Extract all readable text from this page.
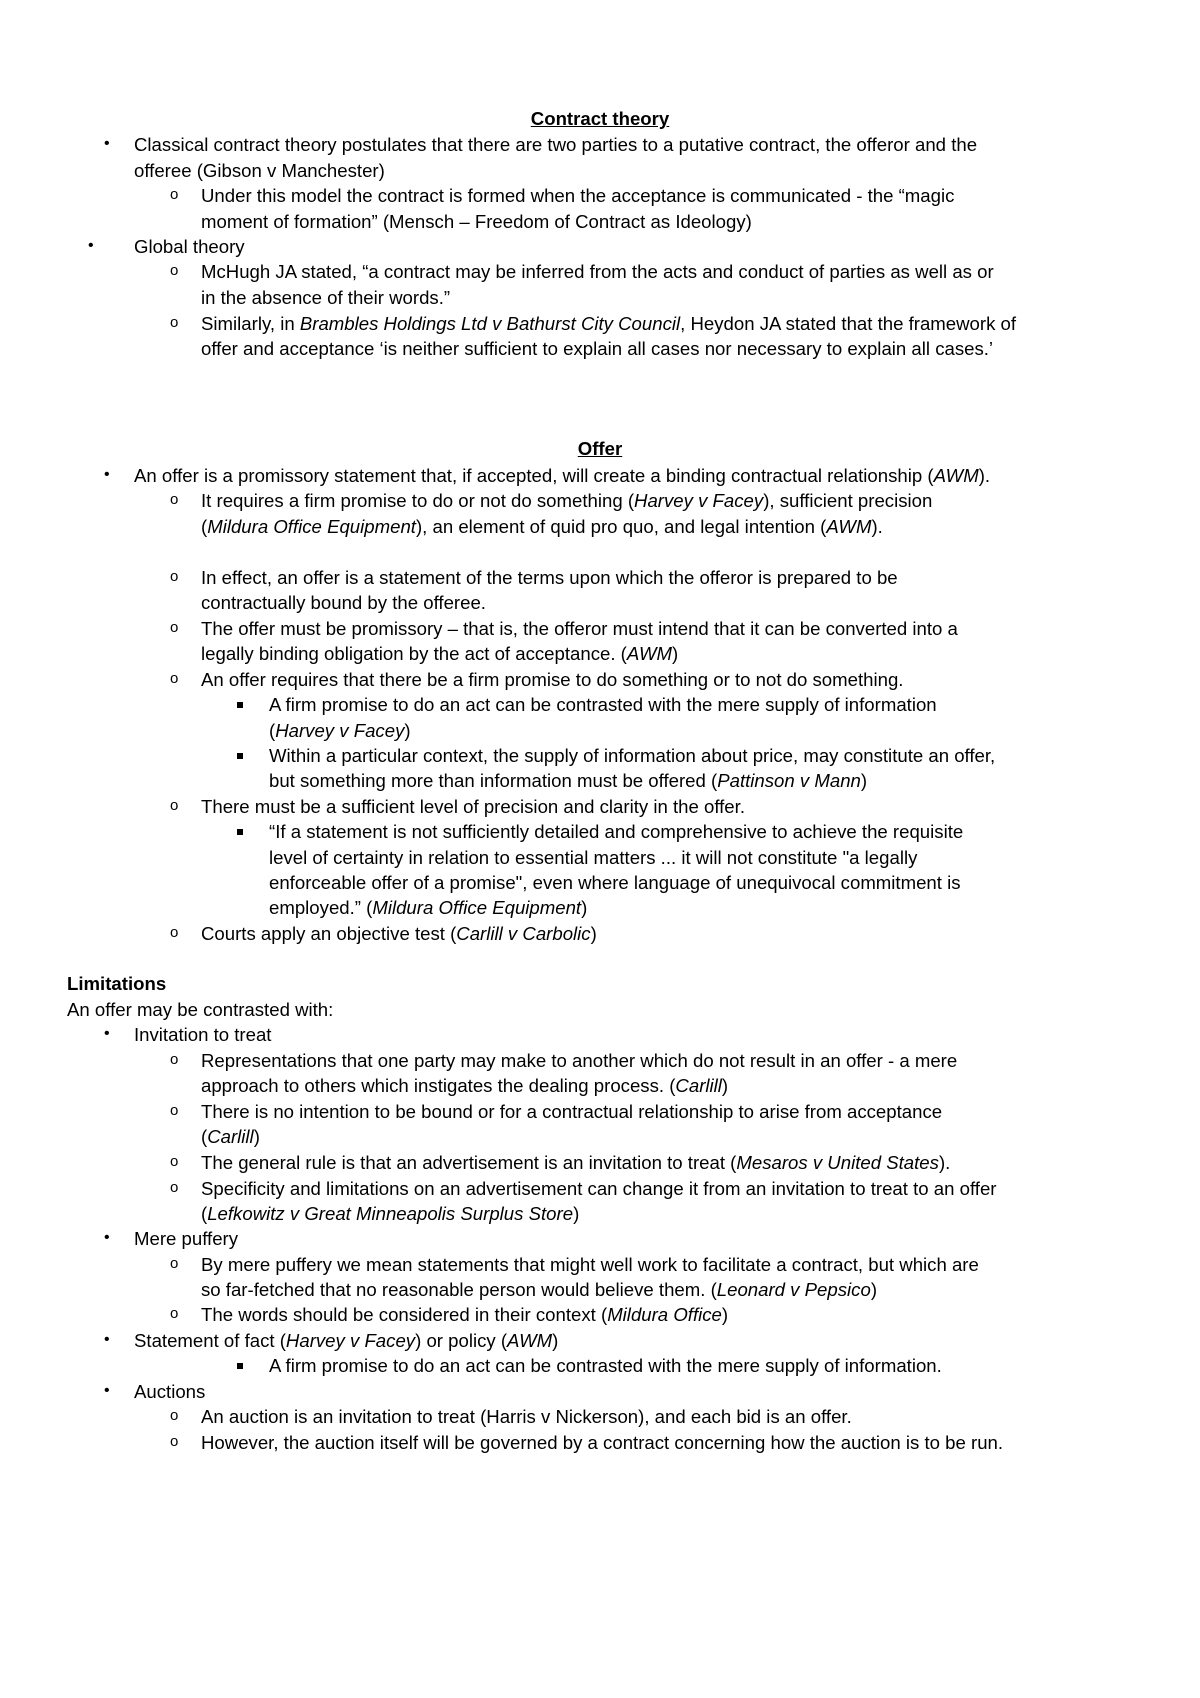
Contract theory
• Classical contract theory postulates that there are two parties to a putative contract, the offeror and the
offeree (Gibson v Manchester)
o Under this model the contract is formed when the acceptance is communicated - the “magic
moment of formation” (Mensch – Freedom of Contract as Ideology)
• Global theory
o McHugh JA stated, “a contract may be inferred from the acts and conduct of parties as well as or
in the absence of their words.”
o Similarly, in Brambles Holdings Ltd v Bathurst City Council, Heydon JA stated that the framework of
offer and acceptance ‘is neither sufficient to explain all cases nor necessary to explain all cases.’
Offer
• An offer is a promissory statement that, if accepted, will create a binding contractual relationship (AWM).
o It requires a firm promise to do or not do something (Harvey v Facey), sufficient precision
(Mildura Office Equipment), an element of quid pro quo, and legal intention (AWM).
o In effect, an offer is a statement of the terms upon which the offeror is prepared to be
contractually bound by the offeree.
o The offer must be promissory – that is, the offeror must intend that it can be converted into a
legally binding obligation by the act of acceptance. (AWM)
o An offer requires that there be a firm promise to do something or to not do something.
A firm promise to do an act can be contrasted with the mere supply of information
(Harvey v Facey)
Within a particular context, the supply of information about price, may constitute an offer,
but something more than information must be offered (Pattinson v Mann)
o There must be a sufficient level of precision and clarity in the offer.
“If a statement is not sufficiently detailed and comprehensive to achieve the requisite
level of certainty in relation to essential matters ... it will not constitute "a legally
enforceable offer of a promise", even where language of unequivocal commitment is
employed.” (Mildura Office Equipment)
o Courts apply an objective test (Carlill v Carbolic)
Limitations
An offer may be contrasted with:
• Invitation to treat
o Representations that one party may make to another which do not result in an offer - a mere
approach to others which instigates the dealing process. (Carlill)
o There is no intention to be bound or for a contractual relationship to arise from acceptance
(Carlill)
o The general rule is that an advertisement is an invitation to treat (Mesaros v United States).
o Specificity and limitations on an advertisement can change it from an invitation to treat to an offer
(Lefkowitz v Great Minneapolis Surplus Store)
• Mere puffery
o By mere puffery we mean statements that might well work to facilitate a contract, but which are
so far-fetched that no reasonable person would believe them. (Leonard v Pepsico)
o The words should be considered in their context (Mildura Office)
• Statement of fact (Harvey v Facey) or policy (AWM)
A firm promise to do an act can be contrasted with the mere supply of information.
• Auctions
o An auction is an invitation to treat (Harris v Nickerson), and each bid is an offer.
o However, the auction itself will be governed by a contract concerning how the auction is to be run.
